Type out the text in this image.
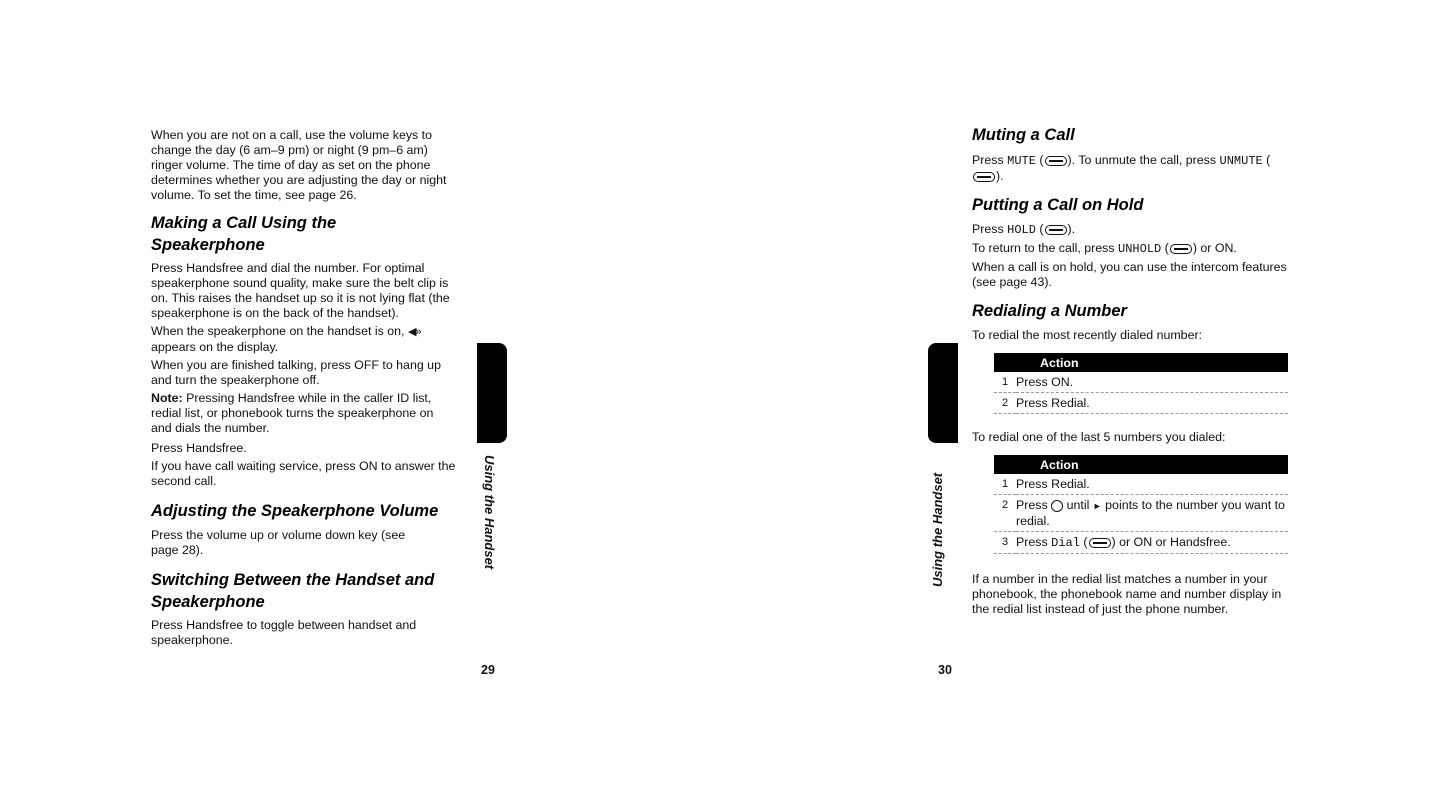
When you are not on a call, use the volume keys to change the day (6 am–9 pm) or night (9 pm–6 am) ringer volume. The time of day as set on the phone determines whether you are adjusting the day or night volume. To set the time, see page 26.

Making a Call Using the
Speakerphone

Press Handsfree and dial the number. For optimal speakerphone sound quality, make sure the belt clip is on. This raises the handset up so it is not lying flat (the speakerphone is on the back of the handset).

When the speakerphone on the handset is on, ◀» appears on the display.

When you are finished talking, press OFF to hang up and turn the speakerphone off.

Note: Pressing Handsfree while in the caller ID list, redial list, or phonebook turns the speakerphone on and dials the number.

Press Handsfree.

If you have call waiting service, press ON to answer the second call.

Adjusting the Speakerphone Volume

Press the volume up or volume down key (see page 28).

Switching Between the Handset and
Speakerphone

Press Handsfree to toggle between handset and speakerphone.

Using the Handset
29
Using the Handset
30
Muting a Call

Press MUTE ( ). To unmute the call, press UNMUTE ().

Putting a Call on Hold

Press HOLD ( ).

To return to the call, press UNHOLD ( ) or ON.

When a call is on hold, you can use the intercom features (see page 43).

Redialing a Number

To redial the most recently dialed number:

Action	
1	Press ON.
2	Press Redial.

To redial one of the last 5 numbers you dialed:

Action	
1	Press Redial.
2	Press until ► points to the number you want to redial.
3	Press Dial ( ) or ON or Handsfree.

If a number in the redial list matches a number in your phonebook, the phonebook name and number display in the redial list instead of just the phone number.
